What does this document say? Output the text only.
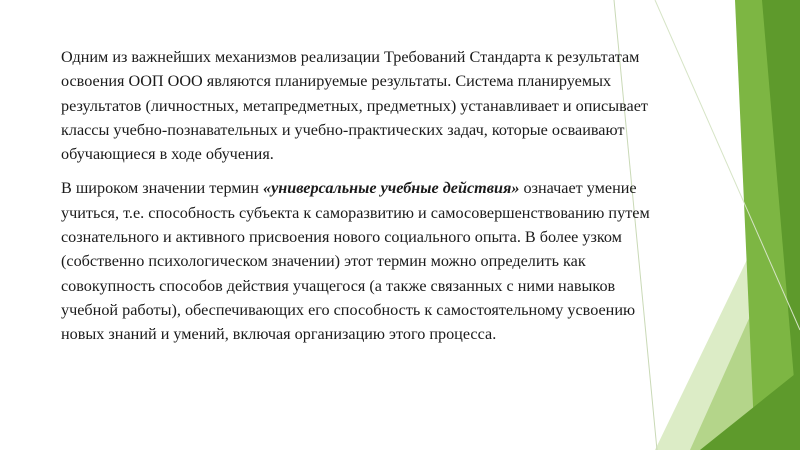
Одним из важнейших механизмов реализации Требований Стандарта к результатам освоения ООП ООО являются планируемые результаты. Система планируемых результатов (личностных, метапредметных, предметных) устанавливает и описывает классы учебно-познавательных и учебно-практических задач, которые осваивают обучающиеся в ходе обучения.

В широком значении термин «универсальные учебные действия» означает умение учиться, т.е. способность субъекта к саморазвитию и самосовершенствованию путем сознательного и активного присвоения нового социального опыта. В более узком (собственно психологическом значении) этот термин можно определить как совокупность способов действия учащегося (а также связанных с ними навыков учебной работы), обеспечивающих его способность к самостоятельному усвоению новых знаний и умений, включая организацию этого процесса.
